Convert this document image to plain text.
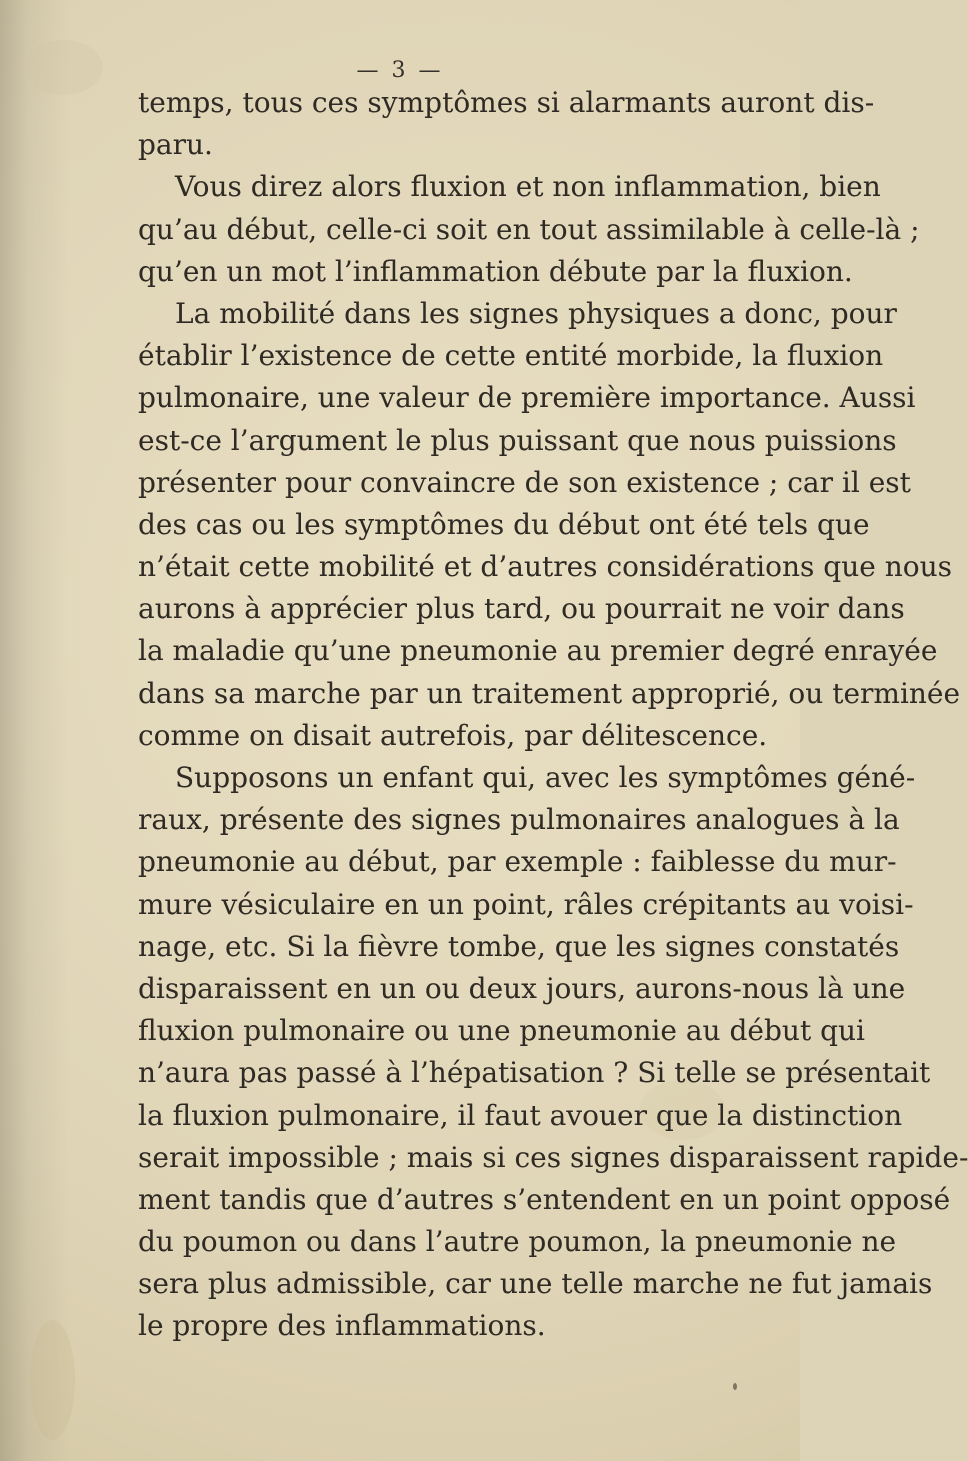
— 3 —
temps, tous ces symptômes si alarmants auront dis-
paru.
Vous direz alors fluxion et non inflammation, bien
qu’au début, celle-ci soit en tout assimilable à celle-là ;
qu’en un mot l’inflammation débute par la fluxion.
La mobilité dans les signes physiques a donc, pour
établir l’existence de cette entité morbide, la fluxion
pulmonaire, une valeur de première importance. Aussi
est-ce l’argument le plus puissant que nous puissions
présenter pour convaincre de son existence ; car il est
des cas ou les symptômes du début ont été tels que
n’était cette mobilité et d’autres considérations que nous
aurons à apprécier plus tard, ou pourrait ne voir dans
la maladie qu’une pneumonie au premier degré enrayée
dans sa marche par un traitement approprié, ou terminée
comme on disait autrefois, par délitescence.
Supposons un enfant qui, avec les symptômes géné-
raux, présente des signes pulmonaires analogues à la
pneumonie au début, par exemple : faiblesse du mur-
mure vésiculaire en un point, râles crépitants au voisi-
nage, etc. Si la fièvre tombe, que les signes constatés
disparaissent en un ou deux jours, aurons-nous là une
fluxion pulmonaire ou une pneumonie au début qui
n’aura pas passé à l’hépatisation ? Si telle se présentait
la fluxion pulmonaire, il faut avouer que la distinction
serait impossible ; mais si ces signes disparaissent rapide-
ment tandis que d’autres s’entendent en un point opposé
du poumon ou dans l’autre poumon, la pneumonie ne
sera plus admissible, car une telle marche ne fut jamais
le propre des inflammations.
